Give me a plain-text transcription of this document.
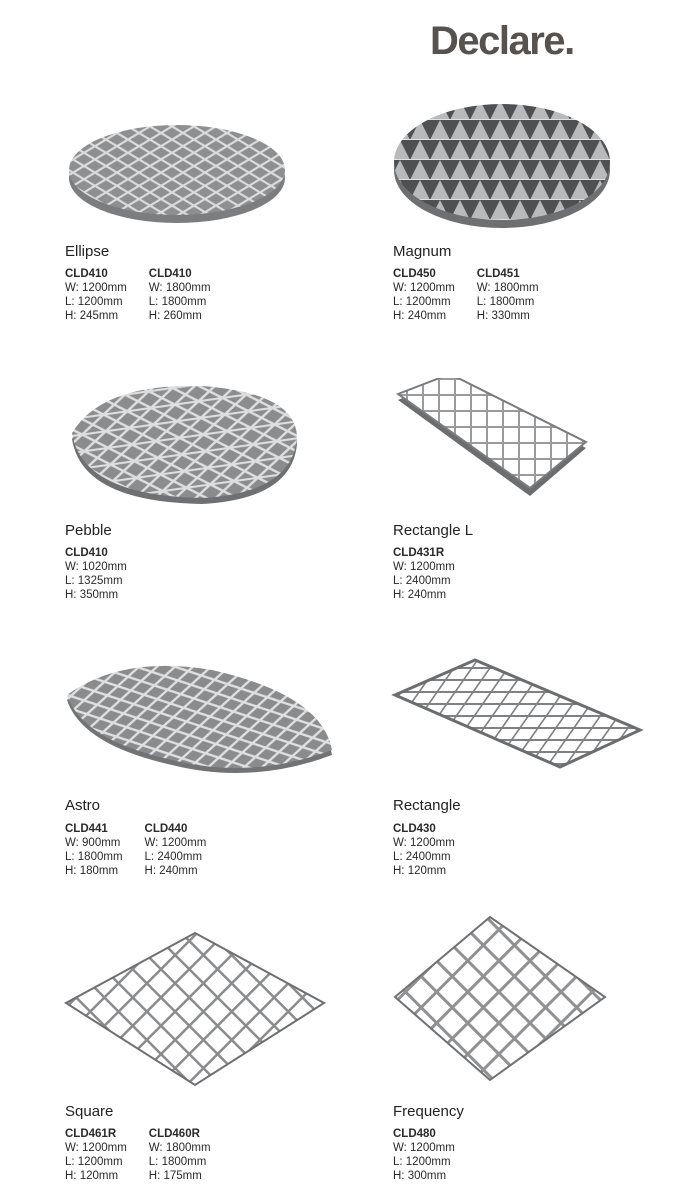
Declare.
Ellipse
CLD410
W: 1200mm
L: 1200mm
H: 245mm
CLD410
W: 1800mm
L: 1800mm
H: 260mm
Magnum
CLD450
W: 1200mm
L: 1200mm
H: 240mm
CLD451
W: 1800mm
L: 1800mm
H: 330mm
Pebble
CLD410
W: 1020mm
L: 1325mm
H: 350mm
Rectangle L
CLD431R
W: 1200mm
L: 2400mm
H: 240mm
Astro
CLD441
W: 900mm
L: 1800mm
H: 180mm
CLD440
W: 1200mm
L: 2400mm
H: 240mm
Rectangle
CLD430
W: 1200mm
L: 2400mm
H: 120mm
Square
CLD461R
W: 1200mm
L: 1200mm
H: 120mm
CLD460R
W: 1800mm
L: 1800mm
H: 175mm
Frequency
CLD480
W: 1200mm
L: 1200mm
H: 300mm
